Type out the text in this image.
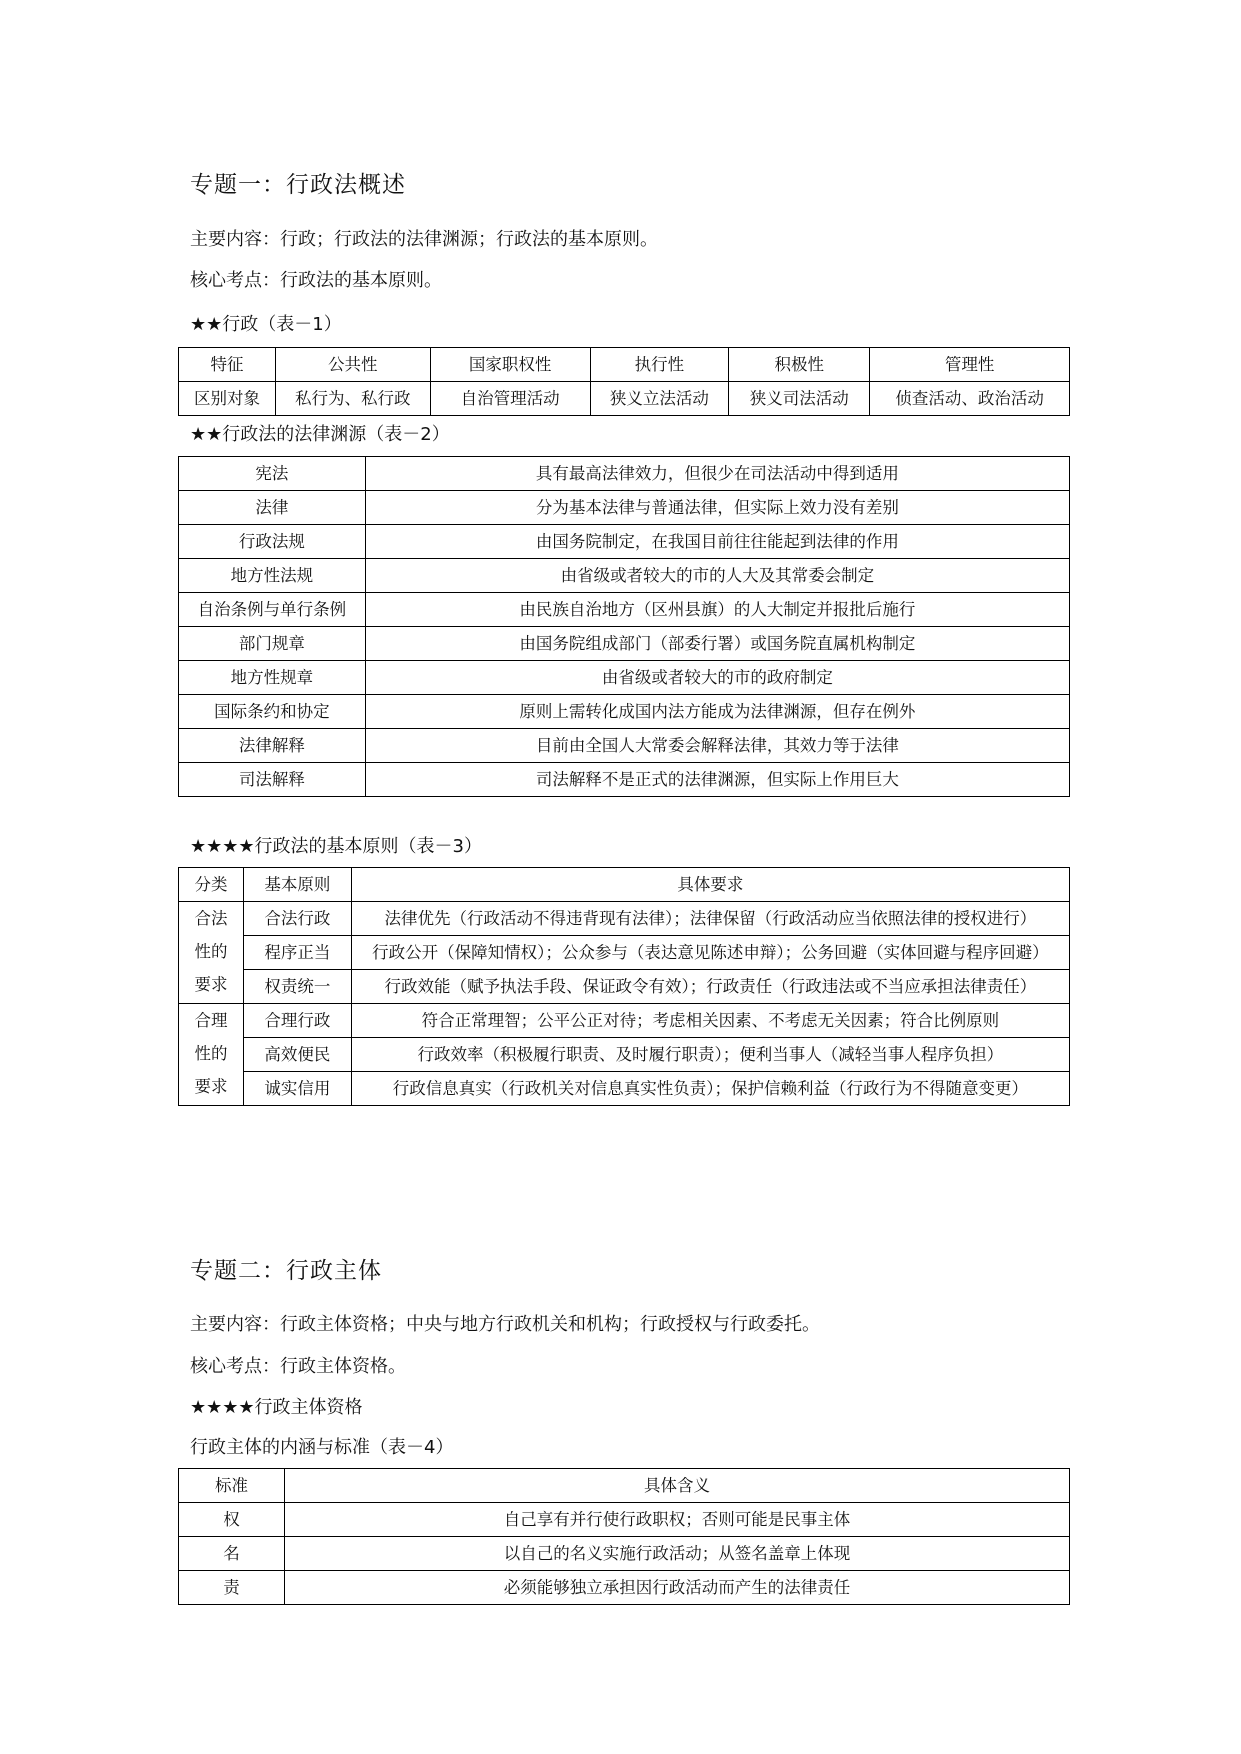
专题一：行政法概述
主要内容：行政；行政法的法律渊源；行政法的基本原则。
核心考点：行政法的基本原则。
★★行政（表－1）
特征	公共性	国家职权性	执行性	积极性	管理性
区别对象	私行为、私行政	自治管理活动	狭义立法活动	狭义司法活动	侦查活动、政治活动
★★行政法的法律渊源（表－2）
宪法	具有最高法律效力，但很少在司法活动中得到适用
法律	分为基本法律与普通法律，但实际上效力没有差别
行政法规	由国务院制定，在我国目前往往能起到法律的作用
地方性法规	由省级或者较大的市的人大及其常委会制定
自治条例与单行条例	由民族自治地方（区州县旗）的人大制定并报批后施行
部门规章	由国务院组成部门（部委行署）或国务院直属机构制定
地方性规章	由省级或者较大的市的政府制定
国际条约和协定	原则上需转化成国内法方能成为法律渊源，但存在例外
法律解释	目前由全国人大常委会解释法律，其效力等于法律
司法解释	司法解释不是正式的法律渊源，但实际上作用巨大
★★★★行政法的基本原则（表－3）
分类	基本原则	具体要求
合法性的要求	合法行政	法律优先（行政活动不得违背现有法律）；法律保留（行政活动应当依照法律的授权进行）
	程序正当	行政公开（保障知情权）；公众参与（表达意见陈述申辩）；公务回避（实体回避与程序回避）
	权责统一	行政效能（赋予执法手段、保证政令有效）；行政责任（行政违法或不当应承担法律责任）
合理性的要求	合理行政	符合正常理智；公平公正对待；考虑相关因素、不考虑无关因素；符合比例原则
	高效便民	行政效率（积极履行职责、及时履行职责）；便利当事人（减轻当事人程序负担）
	诚实信用	行政信息真实（行政机关对信息真实性负责）；保护信赖利益（行政行为不得随意变更）
专题二：行政主体
主要内容：行政主体资格；中央与地方行政机关和机构；行政授权与行政委托。
核心考点：行政主体资格。
★★★★行政主体资格
行政主体的内涵与标准（表－4）
标准	具体含义
权	自己享有并行使行政职权；否则可能是民事主体
名	以自己的名义实施行政活动；从签名盖章上体现
责	必须能够独立承担因行政活动而产生的法律责任
